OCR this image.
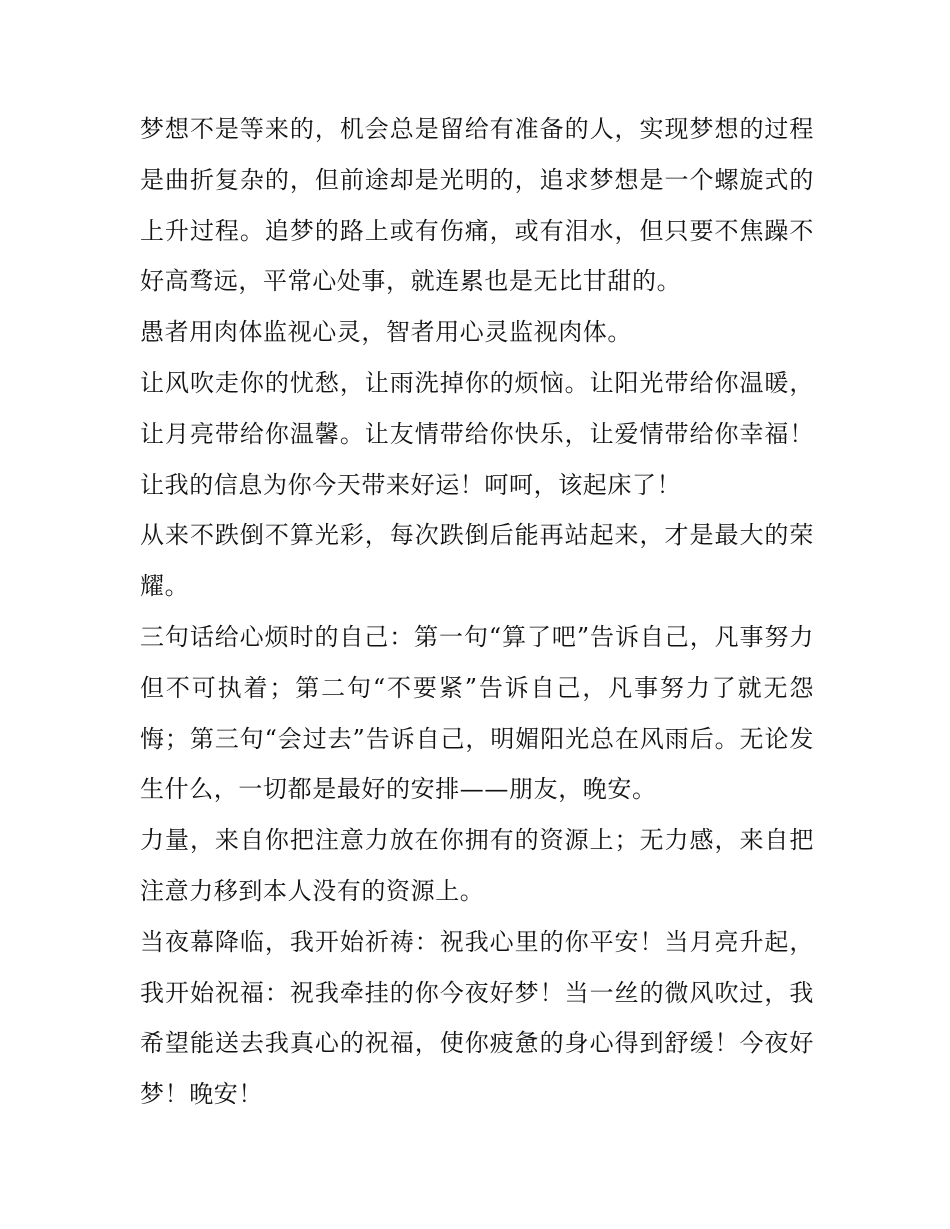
梦想不是等来的，机会总是留给有准备的人，实现梦想的过程是曲折复杂的，但前途却是光明的，追求梦想是一个螺旋式的上升过程。追梦的路上或有伤痛，或有泪水，但只要不焦躁不好高骛远，平常心处事，就连累也是无比甘甜的。

愚者用肉体监视心灵，智者用心灵监视肉体。

让风吹走你的忧愁，让雨洗掉你的烦恼。让阳光带给你温暖，让月亮带给你温馨。让友情带给你快乐，让爱情带给你幸福！让我的信息为你今天带来好运！呵呵，该起床了！

从来不跌倒不算光彩，每次跌倒后能再站起来，才是最大的荣耀。

三句话给心烦时的自己：第一句“算了吧”告诉自己，凡事努力但不可执着；第二句“不要紧”告诉自己，凡事努力了就无怨悔；第三句“会过去”告诉自己，明媚阳光总在风雨后。无论发生什么，一切都是最好的安排——朋友，晚安。

力量，来自你把注意力放在你拥有的资源上；无力感，来自把注意力移到本人没有的资源上。

当夜幕降临，我开始祈祷：祝我心里的你平安！当月亮升起，我开始祝福：祝我牵挂的你今夜好梦！当一丝的微风吹过，我希望能送去我真心的祝福，使你疲惫的身心得到舒缓！今夜好梦！晚安！
